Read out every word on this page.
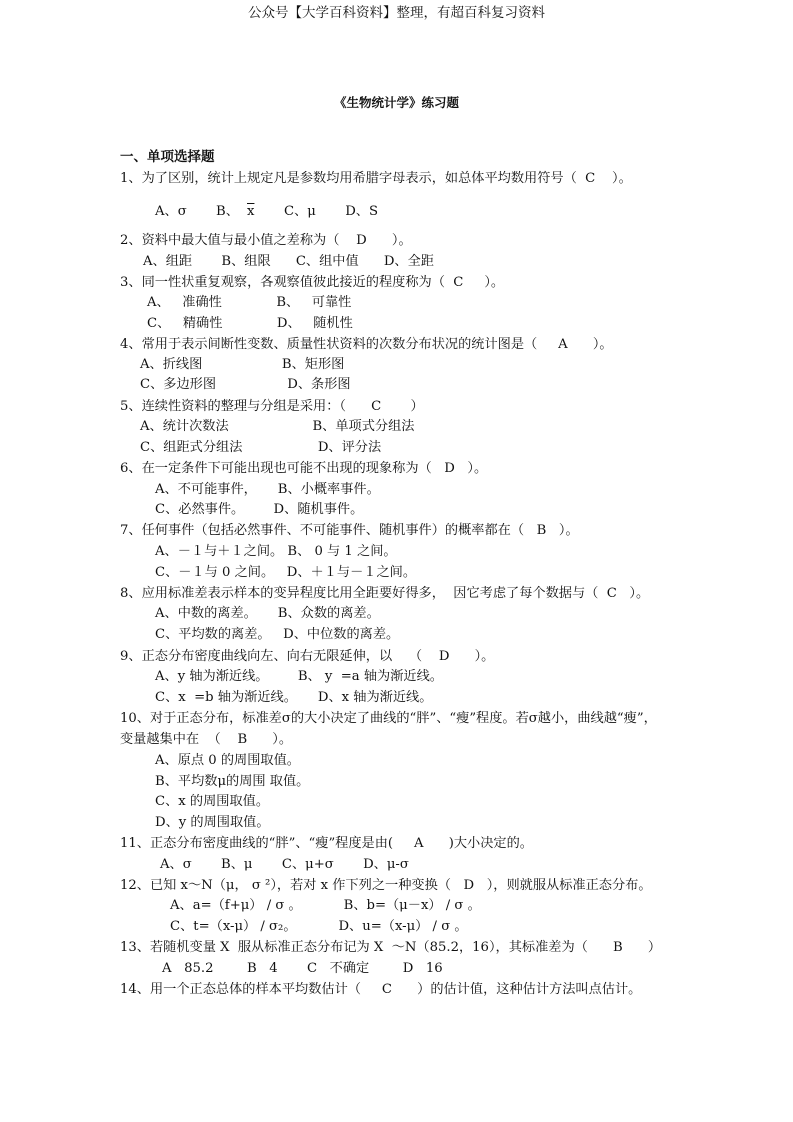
公众号【大学百科资料】整理，有超百科复习资料
《生物统计学》练习题
一、单项选择题
1、为了区别，统计上规定凡是参数均用希腊字母表示，如总体平均数用符号（  C    ）。
A、σ       B、 $\overline{x}$ C、μ       D、S
2、资料中最大值与最小值之差称为（    D      ）。
A、组距       B、组限      C、组中值      D、全距
3、同一性状重复观察，各观察值彼此接近的程度称为（  C     ）。
A、   准确性             B、   可靠性
C、   精确性             D、   随机性
4、常用于表示间断性变数、质量性状资料的次数分布状况的统计图是（     A      ）。
A、折线图                   B、矩形图
C、多边形图                 D、条形图
5、连续性资料的整理与分组是采用：（      C       ）
A、统计次数法                    B、单项式分组法
C、组距式分组法                  D、评分法
6、在一定条件下可能出现也可能不出现的现象称为（   D   ）。
A、不可能事件，     B、小概率事件。
C、必然事件。       D、随机事件。
7、任何事件（包括必然事件、不可能事件、随机事件）的概率都在（   B   ）。
A、－１与＋１之间。 B、 0 与 1 之间。
C、－１与 0 之间。   D、＋１与－１之间。
8、应用标准差表示样本的变异程度比用全距要好得多，  因它考虑了每个数据与（  C   ）。
A、中数的离差。     B、众数的离差。
C、平均数的离差。   D、中位数的离差。
9、正态分布密度曲线向左、向右无限延伸，以    （    D      ）。
A、y 轴为渐近线。       B、 y  =a 轴为渐近线。
C、x  =b 轴为渐近线。     D、x 轴为渐近线。
10、对于正态分布，标准差σ的大小决定了曲线的“胖”、“瘦”程度。若σ越小，曲线越“瘦”，
变量越集中在  （    B      ）。
A、原点 0 的周围取值。
B、平均数μ的周围 取值。
C、x 的周围取值。
D、y 的周围取值。
11、正态分布密度曲线的“胖”、“瘦”程度是由(     A      )大小决定的。
A、σ       B、μ       C、μ+σ       D、μ-σ
12、已知 x～N（μ， σ ²），若对 x 作下列之一种变换（   D   ），则就服从标准正态分布。
A、a=（f+μ） / σ 。          B、b=（μ－x） / σ 。
C、t=（x-μ） / σ₂。          D、u=（x-μ） / σ 。
13、若随机变量 X  服从标准正态分布记为 X  ～N（85.2，16），其标准差为（      B      ）
A   85.2        B   4       C   不确定        D   16
14、用一个正态总体的样本平均数估计（     C      ）的估计值，这种估计方法叫点估计。
